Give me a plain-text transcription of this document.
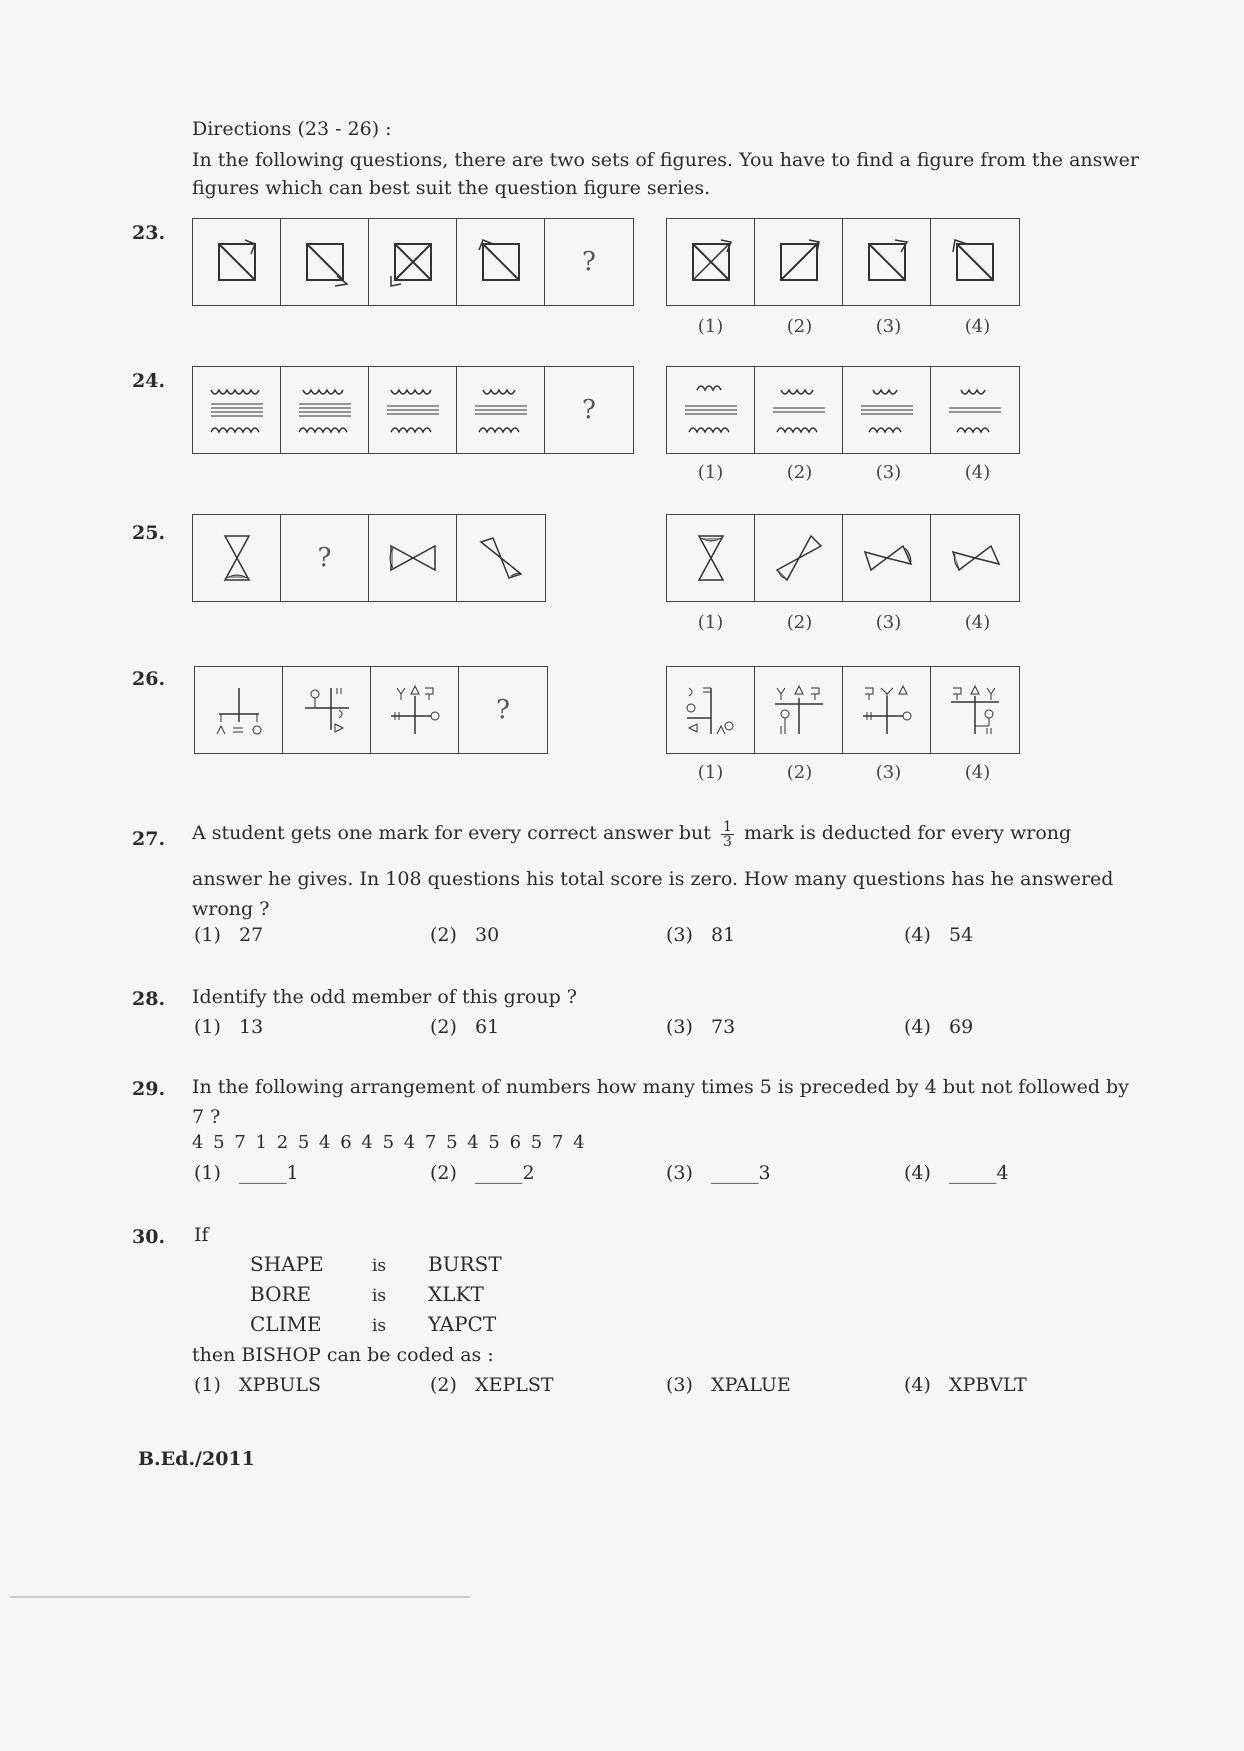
Directions (23 - 26) :
In the following questions, there are two sets of figures. You have to find a figure from the answer figures which can best suit the question figure series.
23.
?
(1)	(2)	(3)	(4)
24.
?
(1)	(2)	(3)	(4)
25.
?
(1)	(2)	(3)	(4)
26.
?
(1)	(2)	(3)	(4)
27. A student gets one mark for every correct answer but $\frac{1}{3}$ mark is deducted for every wrong
answer he gives. In 108 questions his total score is zero. How many questions has he answered wrong ?
(1) 27	(2) 30	(3) 81	(4) 54
28. Identify the odd member of this group ?
(1) 13	(2) 61	(3) 73	(4) 69
29. In the following arrangement of numbers how many times 5 is preceded by 4 but not followed by 7 ?
4 5 7 1 2 5 4 6 4 5 4 7 5 4 5 6 5 7 4
(1) _____1	(2) _____2	(3) _____3	(4) _____4
30. If
SHAPE	is BURST
BORE	is XLKT
CLIME	is YAPCT
then BISHOP can be coded as :
(1) XPBULS	(2) XEPLST	(3) XPALUE	(4) XPBVLT
B.Ed./2011
